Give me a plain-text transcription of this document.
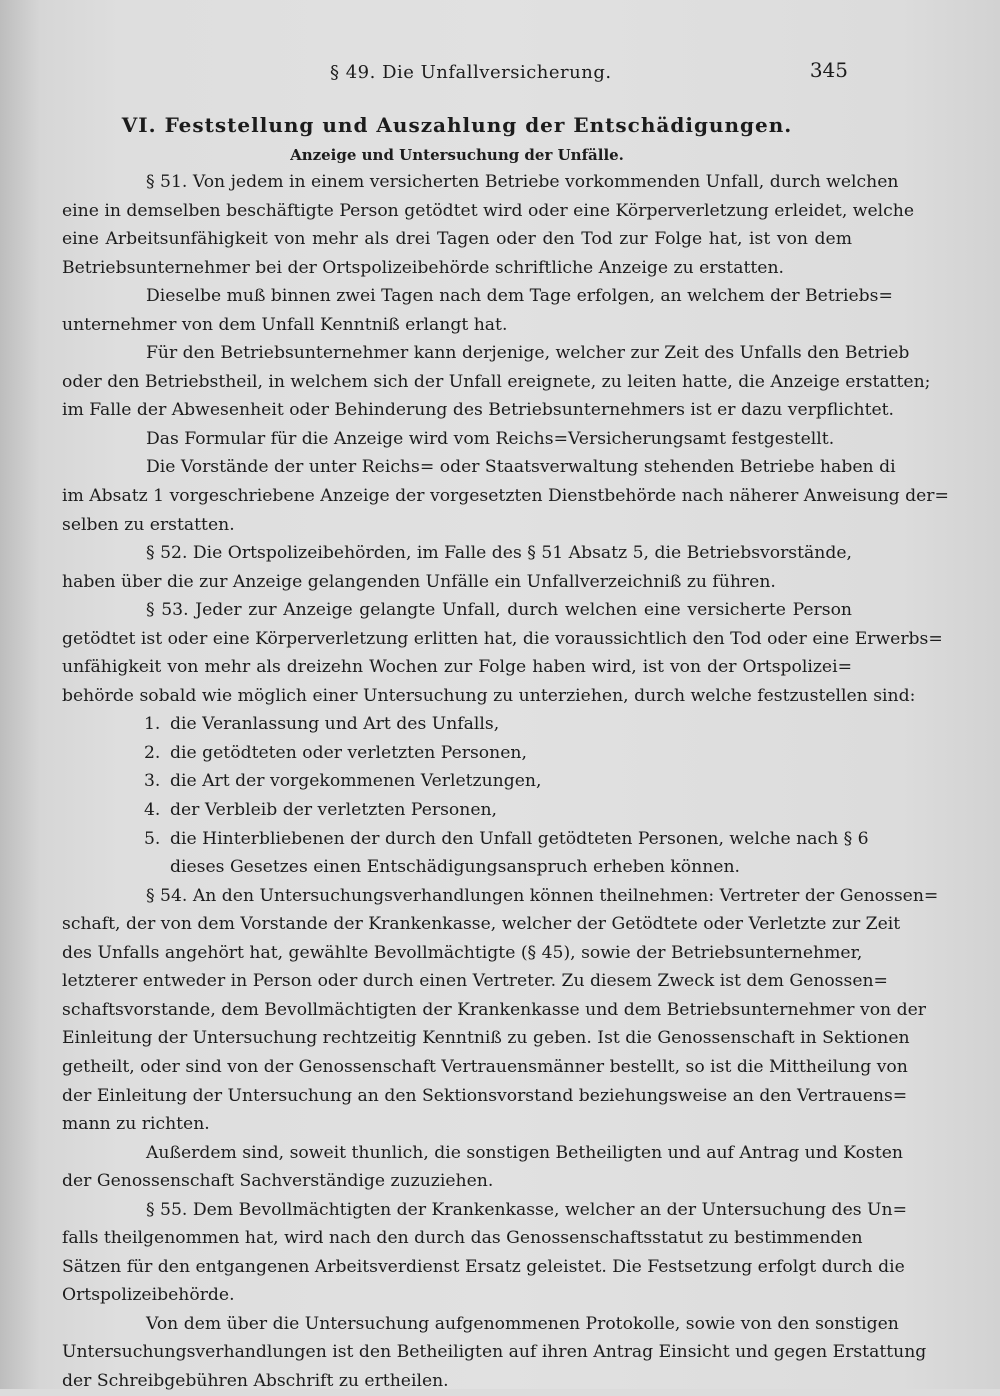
§ 49. Die Unfallversicherung.	345
VI. Feststellung und Auszahlung der Entschädigungen.
Anzeige und Untersuchung der Unfälle.
§ 51. Von jedem in einem versicherten Betriebe vorkommenden Unfall, durch welchen
eine in demselben beschäftigte Person getödtet wird oder eine Körperverletzung erleidet, welche
eine Arbeitsunfähigkeit von mehr als drei Tagen oder den Tod zur Folge hat, ist von dem
Betriebsunternehmer bei der Ortspolizeibehörde schriftliche Anzeige zu erstatten.
Dieselbe muß binnen zwei Tagen nach dem Tage erfolgen, an welchem der Betriebs=
unternehmer von dem Unfall Kenntniß erlangt hat.
Für den Betriebsunternehmer kann derjenige, welcher zur Zeit des Unfalls den Betrieb
oder den Betriebstheil, in welchem sich der Unfall ereignete, zu leiten hatte, die Anzeige erstatten;
im Falle der Abwesenheit oder Behinderung des Betriebsunternehmers ist er dazu verpflichtet.
Das Formular für die Anzeige wird vom Reichs=Versicherungsamt festgestellt.
Die Vorstände der unter Reichs= oder Staatsverwaltung stehenden Betriebe haben di
im Absatz 1 vorgeschriebene Anzeige der vorgesetzten Dienstbehörde nach näherer Anweisung der=
selben zu erstatten.
§ 52. Die Ortspolizeibehörden, im Falle des § 51 Absatz 5, die Betriebsvorstände,
haben über die zur Anzeige gelangenden Unfälle ein Unfallverzeichniß zu führen.
§ 53. Jeder zur Anzeige gelangte Unfall, durch welchen eine versicherte Person
getödtet ist oder eine Körperverletzung erlitten hat, die voraussichtlich den Tod oder eine Erwerbs=
unfähigkeit von mehr als dreizehn Wochen zur Folge haben wird, ist von der Ortspolizei=
behörde sobald wie möglich einer Untersuchung zu unterziehen, durch welche festzustellen sind:
1. die Veranlassung und Art des Unfalls,
2. die getödteten oder verletzten Personen,
3. die Art der vorgekommenen Verletzungen,
4. der Verbleib der verletzten Personen,
5. die Hinterbliebenen der durch den Unfall getödteten Personen, welche nach § 6
dieses Gesetzes einen Entschädigungsanspruch erheben können.
§ 54. An den Untersuchungsverhandlungen können theilnehmen: Vertreter der Genossen=
schaft, der von dem Vorstande der Krankenkasse, welcher der Getödtete oder Verletzte zur Zeit
des Unfalls angehört hat, gewählte Bevollmächtigte (§ 45), sowie der Betriebsunternehmer,
letzterer entweder in Person oder durch einen Vertreter. Zu diesem Zweck ist dem Genossen=
schaftsvorstande, dem Bevollmächtigten der Krankenkasse und dem Betriebsunternehmer von der
Einleitung der Untersuchung rechtzeitig Kenntniß zu geben. Ist die Genossenschaft in Sektionen
getheilt, oder sind von der Genossenschaft Vertrauensmänner bestellt, so ist die Mittheilung von
der Einleitung der Untersuchung an den Sektionsvorstand beziehungsweise an den Vertrauens=
mann zu richten.
Außerdem sind, soweit thunlich, die sonstigen Betheiligten und auf Antrag und Kosten
der Genossenschaft Sachverständige zuzuziehen.
§ 55. Dem Bevollmächtigten der Krankenkasse, welcher an der Untersuchung des Un=
falls theilgenommen hat, wird nach den durch das Genossenschaftsstatut zu bestimmenden
Sätzen für den entgangenen Arbeitsverdienst Ersatz geleistet. Die Festsetzung erfolgt durch die
Ortspolizeibehörde.
Von dem über die Untersuchung aufgenommenen Protokolle, sowie von den sonstigen
Untersuchungsverhandlungen ist den Betheiligten auf ihren Antrag Einsicht und gegen Erstattung
der Schreibgebühren Abschrift zu ertheilen.
